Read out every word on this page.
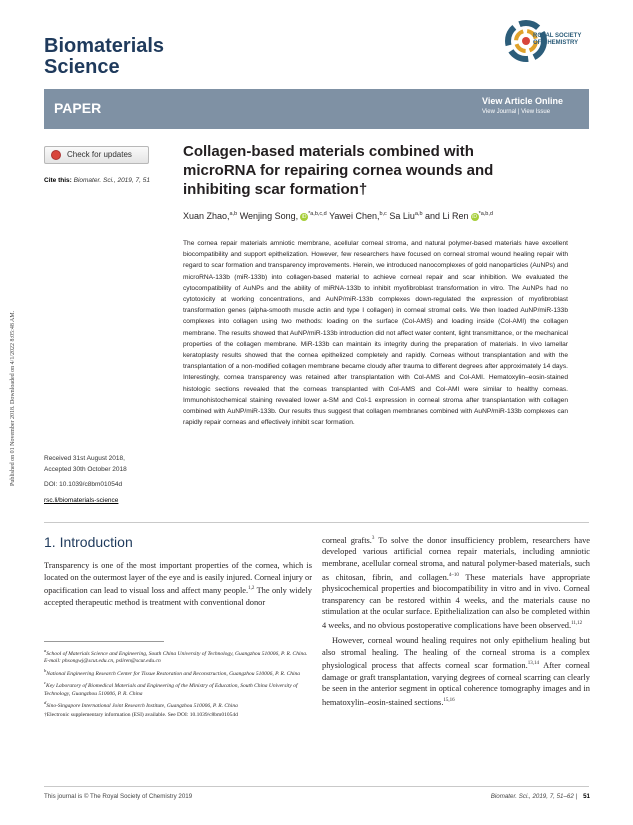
Biomaterials
Science
ROYAL SOCIETY
OF CHEMISTRY
PAPER	View Article Online
View Journal | View Issue
Check for updates
Cite this: Biomater. Sci., 2019, 7, 51
Collagen-based materials combined with microRNA for repairing cornea wounds and inhibiting scar formation†
Xuan Zhao,$^{a,b}$ Wenjing Song, iD $^{*a,b,c,d}$ Yawei Chen,$^{b,c}$ Sa Liu$^{a,b}$ and Li Ren iD $^{*a,b,d}$
The cornea repair materials amniotic membrane, acellular corneal stroma, and natural polymer-based materials have excellent biocompatibility and support epithelization. However, few researchers have focused on corneal stromal wound healing repair with regard to scar formation and transparency improvements. Herein, we introduced nanocomplexes of gold nanoparticles (AuNPs) and microRNA-133b (miR-133b) into collagen-based material to achieve corneal repair and scar inhibition. We evaluated the cytocompatibility of AuNPs and the ability of miRNA-133b to inhibit myofibroblast transformation in vitro. The AuNPs had no cytotoxicity at working concentrations, and AuNP/miR-133b complexes down-regulated the expression of myofibroblast transformation genes (alpha-smooth muscle actin and type I collagen) in corneal stromal cells. We then loaded AuNP/miR-133b complexes into collagen using two methods: loading on the surface (Col-AMS) and loading inside (Col-AMI) the collagen membrane. The results showed that AuNP/miR-133b introduction did not affect water content, light transmittance, or the mechanical properties of the collagen membrane. MiR-133b can maintain its integrity during the preparation of materials. In vivo lamellar keratoplasty results showed that the cornea epithelized completely and rapidly. Corneas without transplantation and with the transplantation of a non-modified collagen membrane became cloudy after trauma to different degrees after approximately 14 days. Interestingly, cornea transparency was retained after transplantation with Col-AMS and Col-AMI. Hematoxylin–eosin-stained histologic sections revealed that the corneas transplanted with Col-AMS and Col-AMI were similar to healthy corneas. Immunohistochemical staining revealed lower a-SM and Col-1 expression in corneal stroma after transplantation with collagen combined with AuNP/miR-133b. Our results thus suggest that collagen membranes combined with AuNP/miR-133b complexes can rapidly repair corneas and effectively inhibit scar formation.
Received 31st August 2018,
Accepted 30th October 2018
DOI: 10.1039/c8bm01054d
rsc.li/biomaterials-science
Published on 01 November 2018. Downloaded on 4/1/2022 8:05:48 AM.
1. Introduction

Transparency is one of the most important properties of the cornea, which is located on the outermost layer of the eye and is easily injured. Corneal injury or opacification can lead to visual loss and affect many people.$^{1,2}$ The only widely accepted therapeutic method is treatment with conventional donor

$^a$School of Materials Science and Engineering, South China University of Technology, Guangzhou 510006, P. R. China. E-mail: phsongwj@scut.edu.cn, psliren@scut.edu.cn
$^b$National Engineering Research Center for Tissue Restoration and Reconstruction, Guangzhou 510006, P. R. China
$^c$Key Laboratory of Biomedical Materials and Engineering of the Ministry of Education, South China University of Technology, Guangzhou 510006, P. R. China
$^d$Sino-Singapore International Joint Research Institute, Guangzhou 510006, P. R. China
†Electronic supplementary information (ESI) available. See DOI: 10.1039/c8bm01054d

corneal grafts.$^3$ To solve the donor insufficiency problem, researchers have developed various artificial cornea repair materials, including amniotic membrane, acellular corneal stroma, and natural polymer-based materials, such as chitosan, fibrin, and collagen.$^{4-10}$ These materials have appropriate physicochemical properties and biocompatibility in vitro and in vivo. Corneal transparency can be restored within 4 weeks, and the materials cause no stimulation at the ocular surface. Epithelialization can also be completed within 4 weeks, and no obvious postoperative complications have been observed.$^{11,12}$

However, corneal wound healing requires not only epithelium healing but also stromal healing. The healing of the corneal stroma is a complex physiological process that affects corneal scar formation.$^{13,14}$ After corneal damage or graft transplantation, varying degrees of corneal scarring can clearly be seen in the anterior segment in optical coherence tomography images and in hematoxylin–eosin-stained sections.$^{15,16}$

This journal is © The Royal Society of Chemistry 2019	Biomater. Sci., 2019, 7, 51–62 | 51
